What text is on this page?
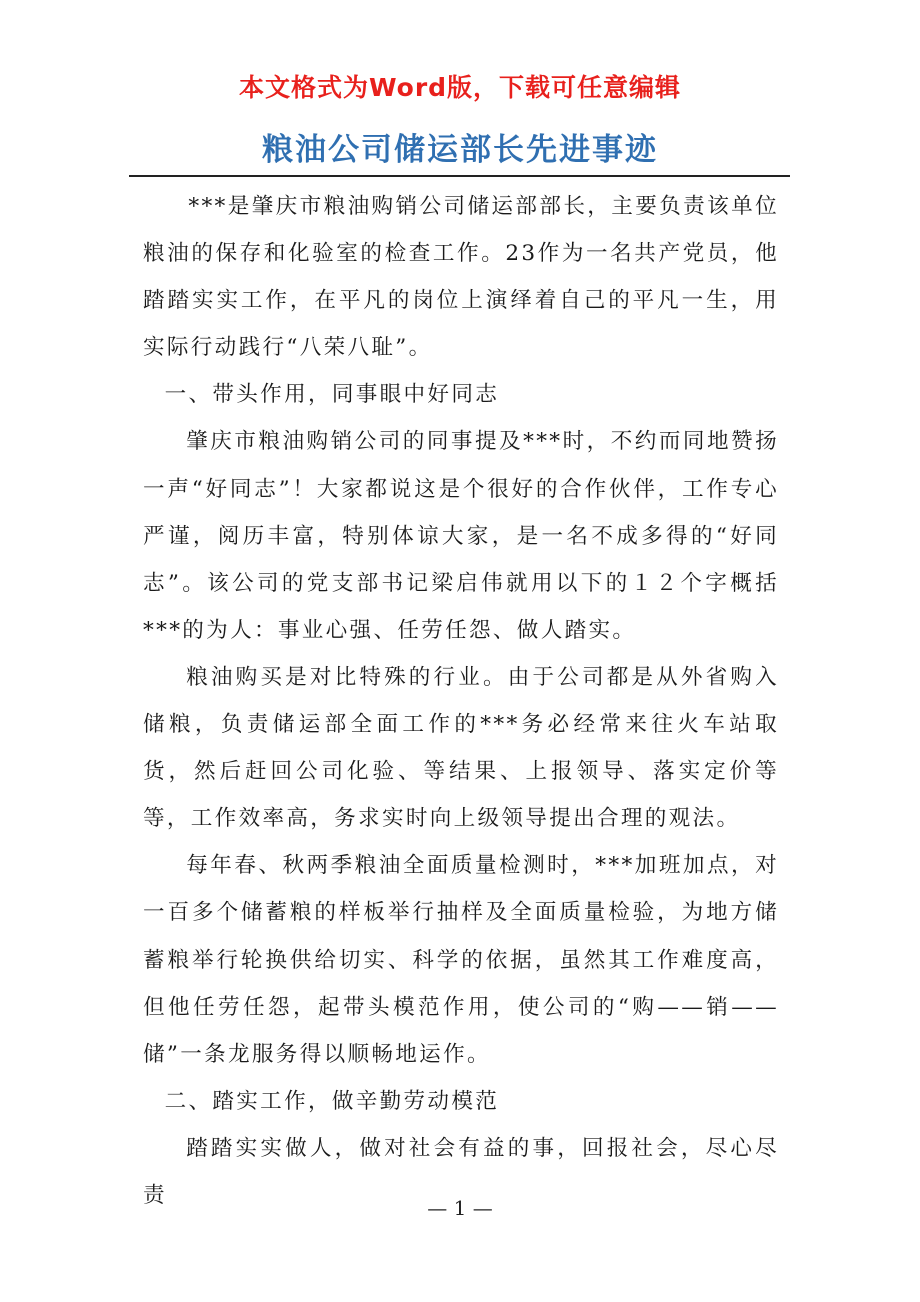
本文格式为Word版，下载可任意编辑
粮油公司储运部长先进事迹

***是肇庆市粮油购销公司储运部部长，主要负责该单位粮油的保存和化验室的检查工作。23作为一名共产党员，他踏踏实实工作，在平凡的岗位上演绎着自己的平凡一生，用实际行动践行“八荣八耻”。

一、带头作用，同事眼中好同志

肇庆市粮油购销公司的同事提及***时，不约而同地赞扬一声“好同志”！大家都说这是个很好的合作伙伴，工作专心严谨，阅历丰富，特别体谅大家，是一名不成多得的“好同志”。该公司的党支部书记梁启伟就用以下的１２个字概括***的为人：事业心强、任劳任怨、做人踏实。

粮油购买是对比特殊的行业。由于公司都是从外省购入储粮，负责储运部全面工作的***务必经常来往火车站取货，然后赶回公司化验、等结果、上报领导、落实定价等等，工作效率高，务求实时向上级领导提出合理的观法。

每年春、秋两季粮油全面质量检测时，***加班加点，对一百多个储蓄粮的样板举行抽样及全面质量检验，为地方储蓄粮举行轮换供给切实、科学的依据，虽然其工作难度高，但他任劳任怨，起带头模范作用，使公司的“购——销——储”一条龙服务得以顺畅地运作。

二、踏实工作，做辛勤劳动模范

踏踏实实做人，做对社会有益的事，回报社会，尽心尽责

— 1 —
